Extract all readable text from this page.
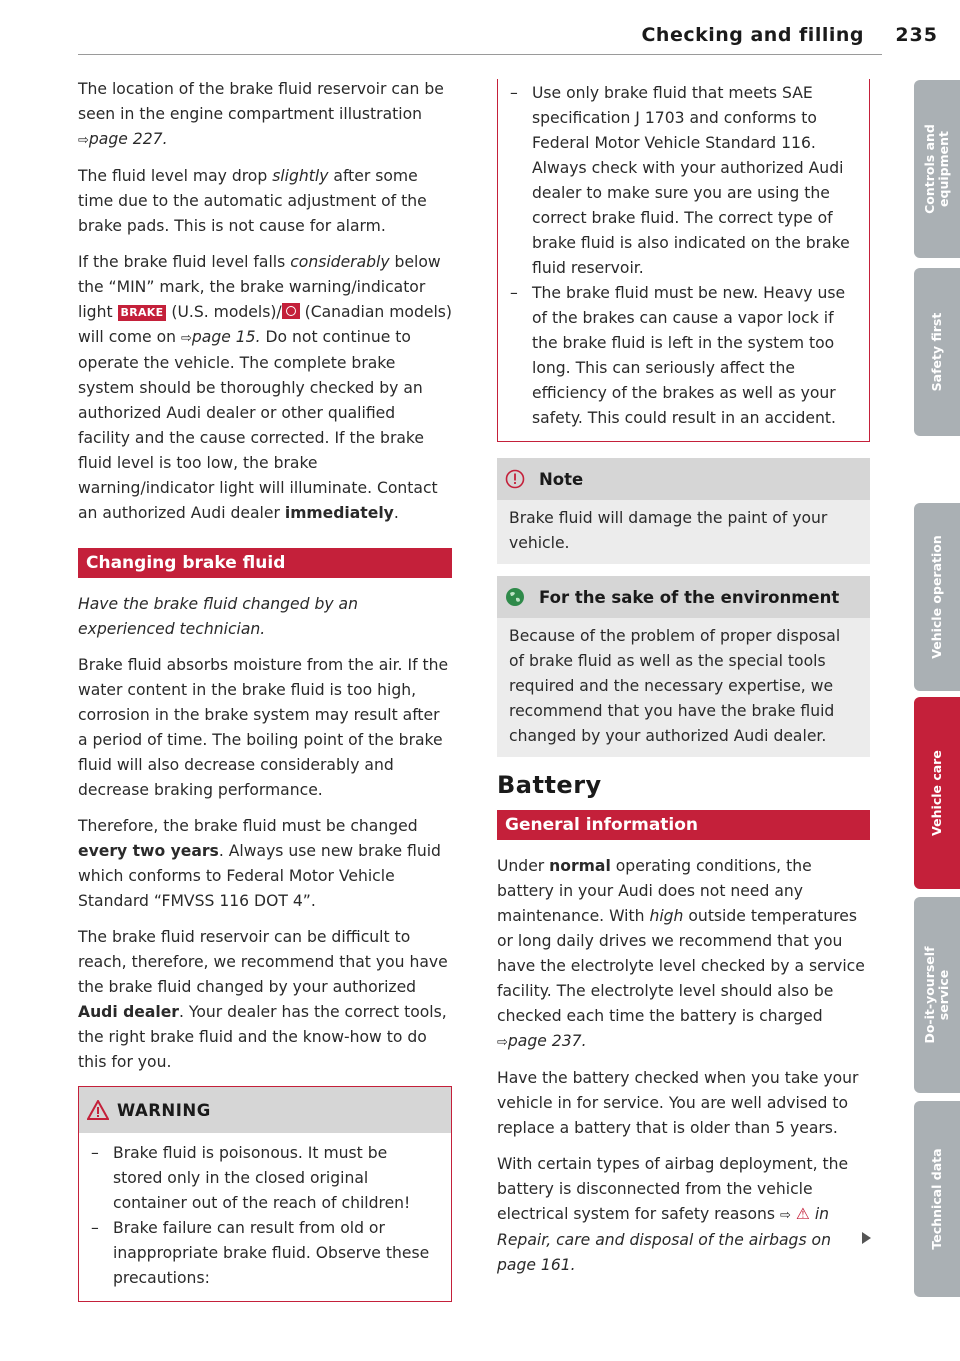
Checking and filling 235

The location of the brake fluid reservoir can be seen in the engine compartment illustration ⇨page 227.

The fluid level may drop slightly after some time due to the automatic adjustment of the brake pads. This is not cause for alarm.

If the brake fluid level falls considerably below the “MIN” mark, the brake warning/indicator light BRAKE (U.S. models)/ (Canadian models) will come on ⇨page 15. Do not continue to operate the vehicle. The complete brake system should be thoroughly checked by an authorized Audi dealer or other qualified facility and the cause corrected. If the brake fluid level is too low, the brake warning/indicator light will illuminate. Contact an authorized Audi dealer immediately.

Changing brake fluid

Have the brake fluid changed by an experienced technician.

Brake fluid absorbs moisture from the air. If the water content in the brake fluid is too high, corrosion in the brake system may result after a period of time. The boiling point of the brake fluid will also decrease considerably and decrease braking performance.

Therefore, the brake fluid must be changed every two years. Always use new brake fluid which conforms to Federal Motor Vehicle Standard “FMVSS 116 DOT 4”.

The brake fluid reservoir can be difficult to reach, therefore, we recommend that you have the brake fluid changed by your authorized Audi dealer. Your dealer has the correct tools, the right brake fluid and the know-how to do this for you.

WARNING

– Brake fluid is poisonous. It must be stored only in the closed original container out of the reach of children!

– Brake failure can result from old or inappropriate brake fluid. Observe these precautions:

– Use only brake fluid that meets SAE specification J 1703 and conforms to Federal Motor Vehicle Standard 116. Always check with your authorized Audi dealer to make sure you are using the correct brake fluid. The correct type of brake fluid is also indicated on the brake fluid reservoir.

– The brake fluid must be new. Heavy use of the brakes can cause a vapor lock if the brake fluid is left in the system too long. This can seriously affect the efficiency of the brakes as well as your safety. This could result in an accident.

Note
Brake fluid will damage the paint of your vehicle.
For the sake of the environment
Because of the problem of proper disposal of brake fluid as well as the special tools required and the necessary expertise, we recommend that you have the brake fluid changed by your authorized Audi dealer.
Battery
General information

Under normal operating conditions, the battery in your Audi does not need any maintenance. With high outside temperatures or long daily drives we recommend that you have the electrolyte level checked by a service facility. The electrolyte level should also be checked each time the battery is charged ⇨page 237.

Have the battery checked when you take your vehicle in for service. You are well advised to replace a battery that is older than 5 years.

With certain types of airbag deployment, the battery is disconnected from the vehicle electrical system for safety reasons ⇨ ⚠ in Repair, care and disposal of the airbags on page 161.

Controls and equipment
Safety first
Vehicle operation
Vehicle care
Do-it-yourself service
Technical data
